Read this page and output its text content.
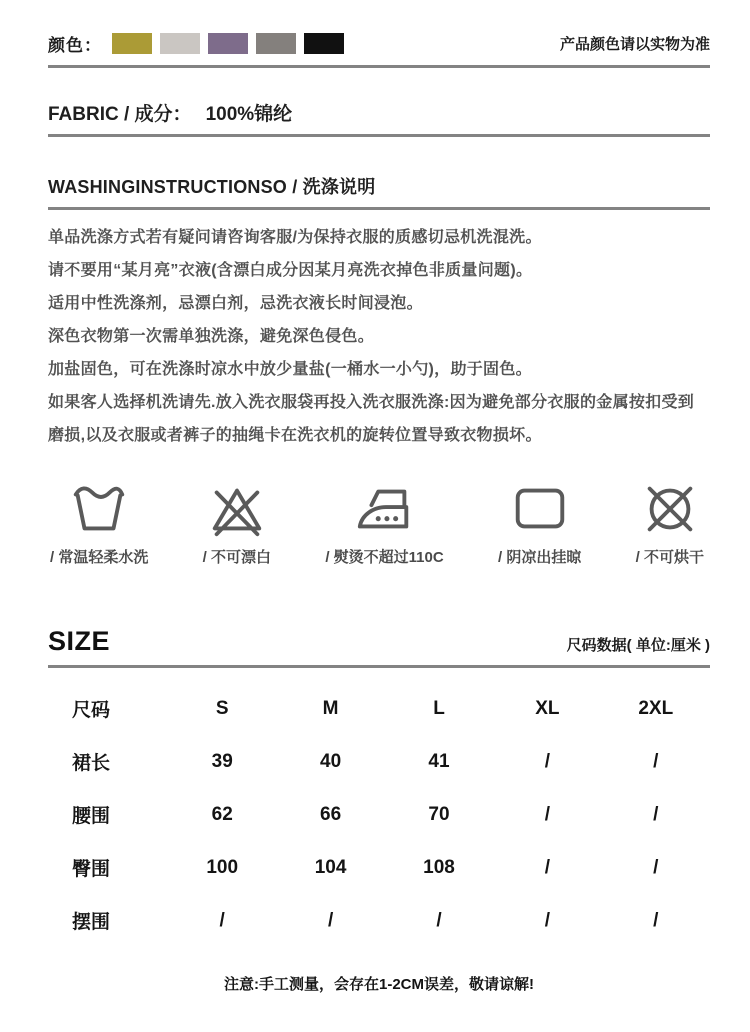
颜色：	产品颜色请以实物为准
FABRIC / 成分： 100%锦纶
WASHINGINSTRUCTIONSO / 洗涤说明
单品洗涤方式若有疑问请咨询客服/为保持衣服的质感切忌机洗混洗。
请不要用“某月亮”衣液(含漂白成分因某月亮洗衣掉色非质量问题)。
适用中性洗涤剂，忌漂白剂，忌洗衣液长时间浸泡。
深色衣物第一次需单独洗涤，避免深色侵色。
加盐固色，可在洗涤时凉水中放少量盐(一桶水一小勺)，助于固色。
如果客人选择机洗请先.放入洗衣服袋再投入洗衣服洗涤:因为避免部分衣服的金属按扣受到磨损,以及衣服或者裤子的抽绳卡在洗衣机的旋转位置导致衣物损坏。
/ 常温轻柔水洗	/ 不可漂白	/ 熨烫不超过110C	/ 阴凉出挂晾	/ 不可烘干
SIZE	尺码数据( 单位:厘米 )
尺码	S	M	L	XL	2XL
裙长	39	40	41	/	/
腰围	62	66	70	/	/
臀围	100	104	108	/	/
摆围	/	/	/	/	/
注意:手工测量，会存在1-2CM误差，敬请谅解!
